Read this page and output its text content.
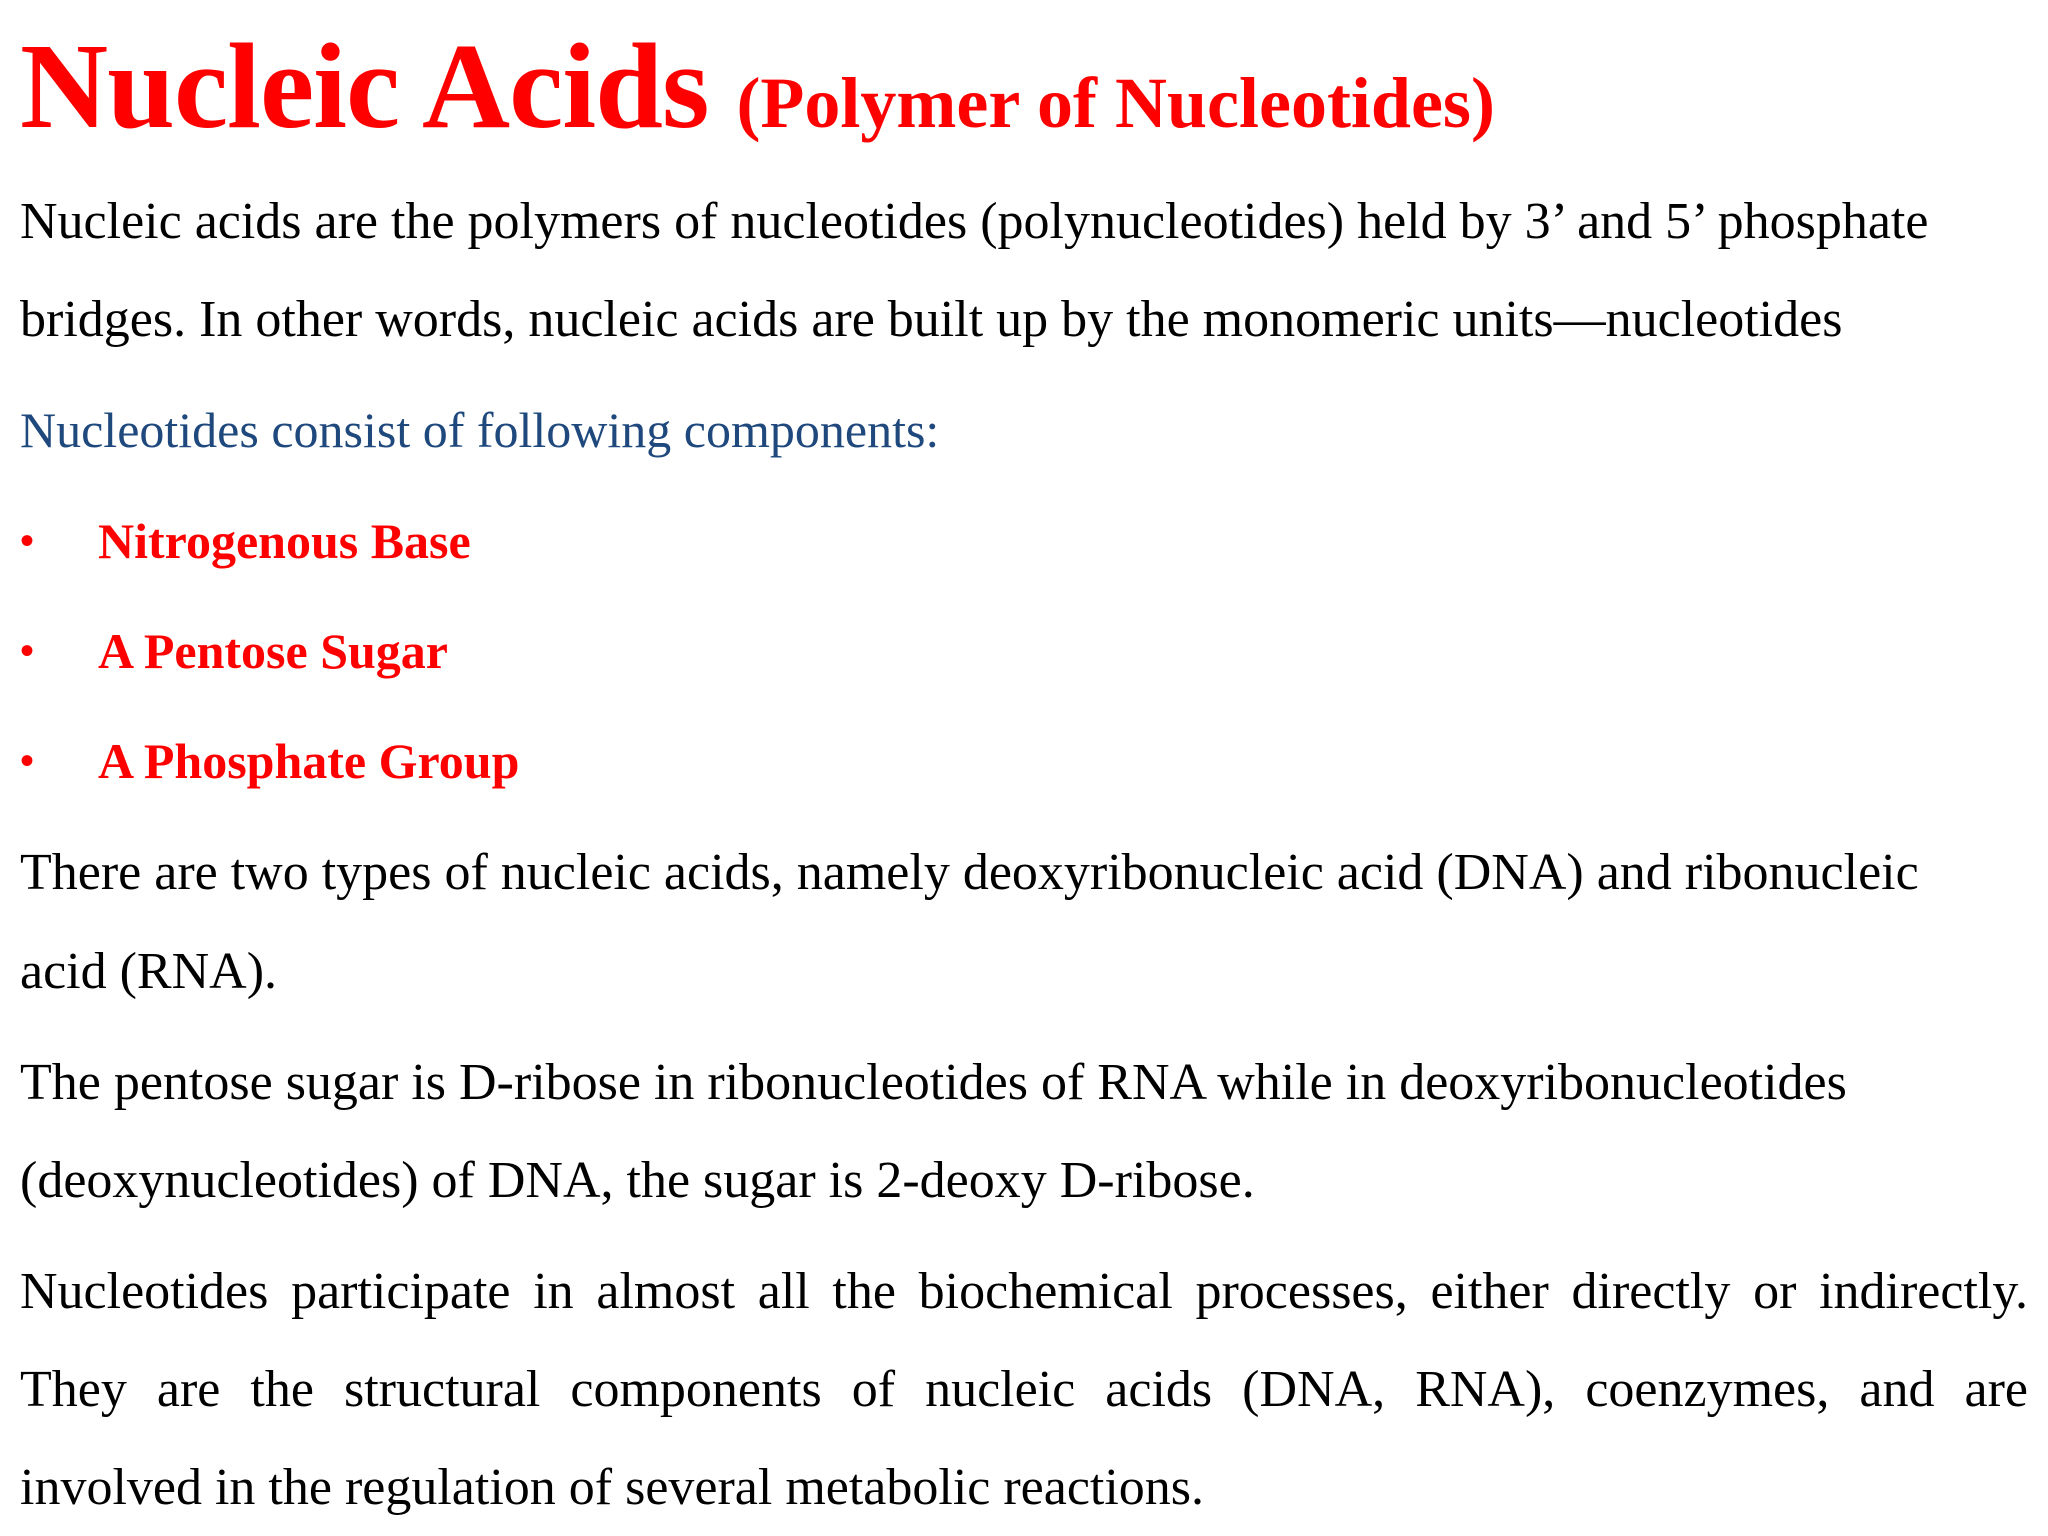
Nucleic Acids (Polymer of Nucleotides)
Nucleic acids are the polymers of nucleotides (polynucleotides) held by 3’ and 5’ phosphate
bridges. In other words, nucleic acids are built up by the monomeric units—nucleotides
Nucleotides consist of following components:
• Nitrogenous Base
• A Pentose Sugar
• A Phosphate Group
There are two types of nucleic acids, namely deoxyribonucleic acid (DNA) and ribonucleic
acid (RNA).
The pentose sugar is D-ribose in ribonucleotides of RNA while in deoxyribonucleotides
(deoxynucleotides) of DNA, the sugar is 2-deoxy D-ribose.
Nucleotides participate in almost all the biochemical processes, either directly or indirectly.
They are the structural components of nucleic acids (DNA, RNA), coenzymes, and are
involved in the regulation of several metabolic reactions.
